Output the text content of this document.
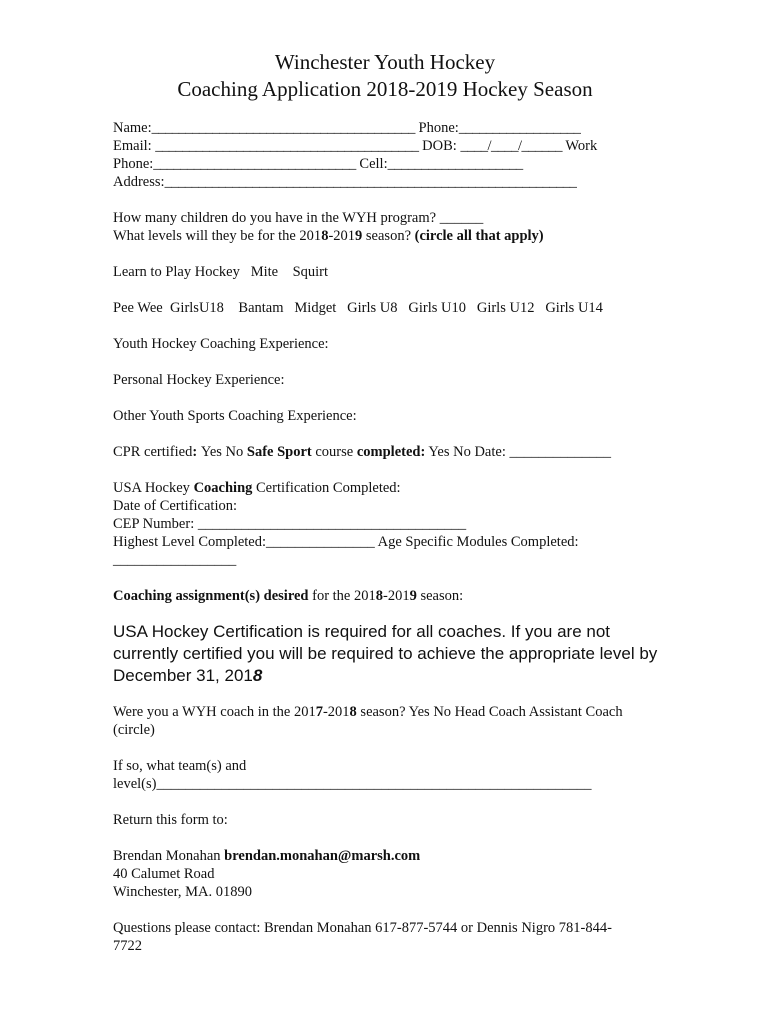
Winchester Youth Hockey
Coaching Application 2018-2019 Hockey Season
Name:_______________________________________ Phone:__________________
Email: _______________________________________ DOB: ____/____/______ Work
Phone:______________________________ Cell:____________________
Address:_____________________________________________________________
How many children do you have in the WYH program? ______
What levels will they be for the 2018-2019 season? (circle all that apply)
Learn to Play Hockey   Mite    Squirt
Pee Wee  GirlsU18    Bantam   Midget   Girls U8   Girls U10   Girls U12   Girls U14
Youth Hockey Coaching Experience:
Personal Hockey Experience:
Other Youth Sports Coaching Experience:
CPR certified: Yes No Safe Sport course completed: Yes No Date: ______________
USA Hockey Coaching Certification Completed:
Date of Certification:
CEP Number: _____________________________________
Highest Level Completed:_______________ Age Specific Modules Completed:
_________________
Coaching assignment(s) desired for the 2018-2019 season:
USA Hockey Certification is required for all coaches. If you are not
currently certified you will be required to achieve the appropriate level by
December 31, 2018
Were you a WYH coach in the 2017-2018 season? Yes No Head Coach Assistant Coach
(circle)
If so, what team(s) and
level(s)____________________________________________________________
Return this form to:
Brendan Monahan brendan.monahan@marsh.com
40 Calumet Road
Winchester, MA. 01890
Questions please contact: Brendan Monahan 617-877-5744 or Dennis Nigro 781-844-
7722
